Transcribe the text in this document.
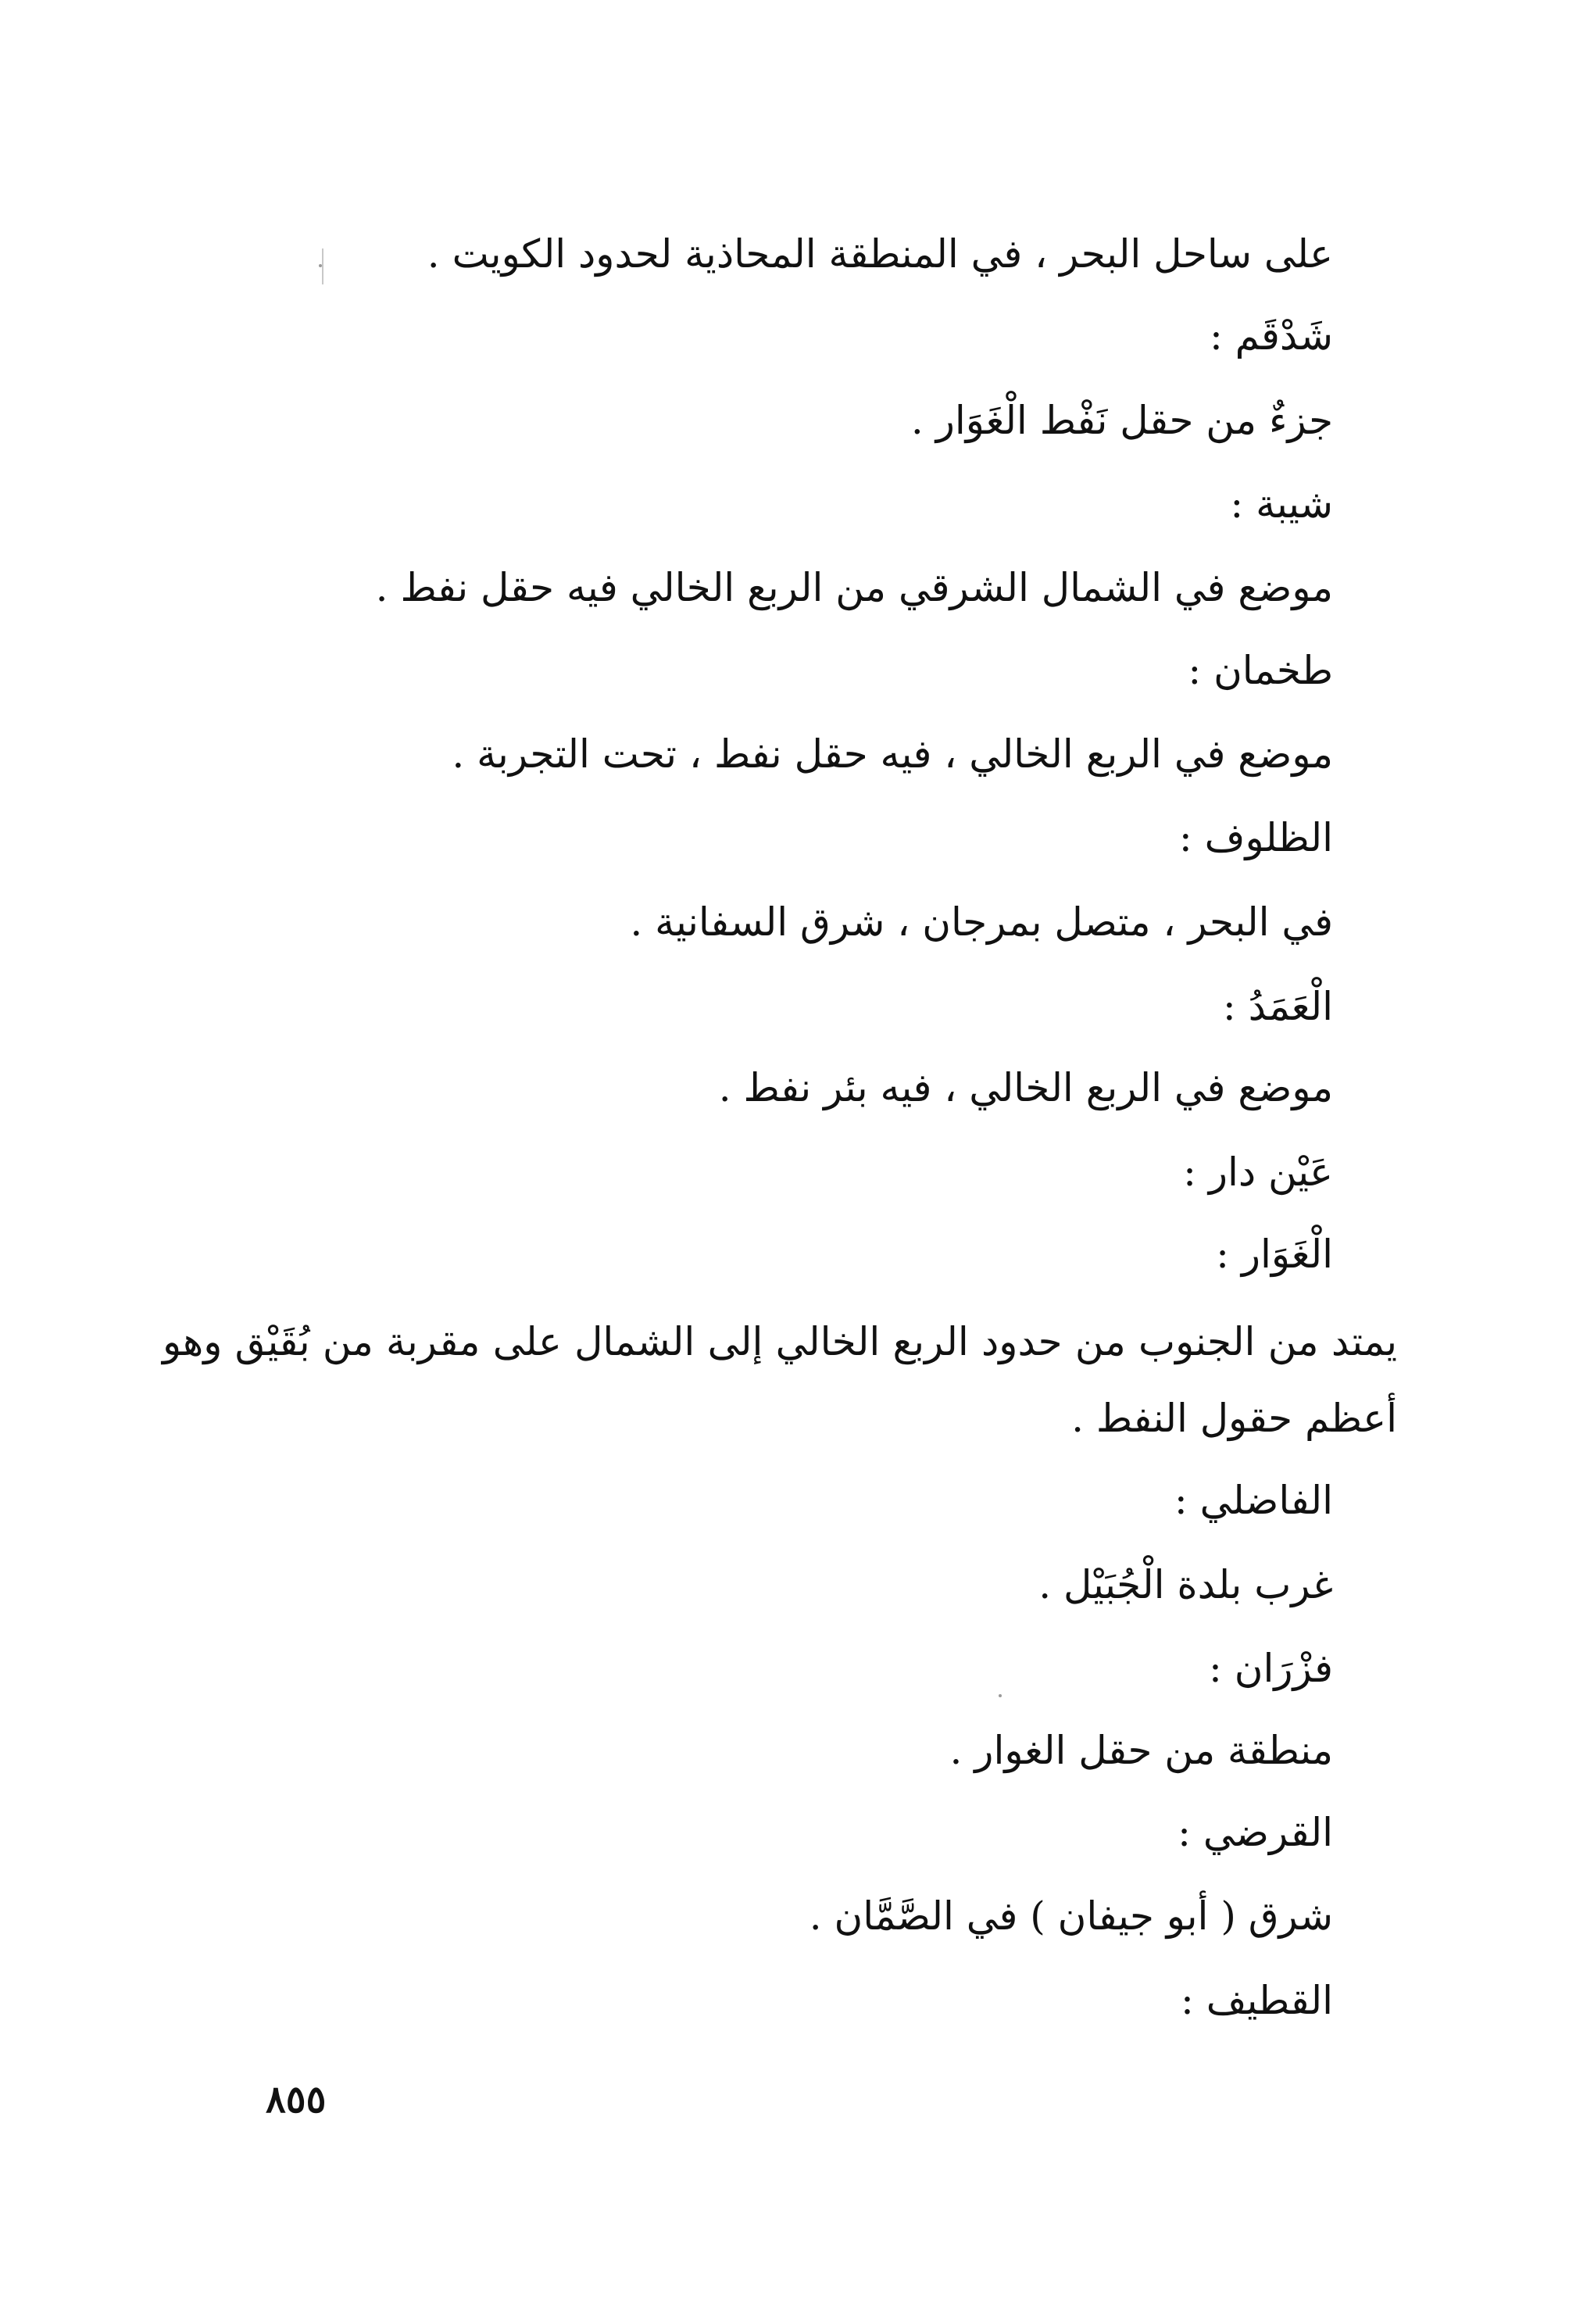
على ساحل البحر ، في المنطقة المحاذية لحدود الكويت .
شَدْقَم :
جزءٌ من حقل نَفْط الْغَوَار .
شيبة :
موضع في الشمال الشرقي من الربع الخالي فيه حقل نفط .
طخمان :
موضع في الربع الخالي ، فيه حقل نفط ، تحت التجربة .
الظلوف :
في البحر ، متصل بمرجان ، شرق السفانية .
الْعَمَدُ :
موضع في الربع الخالي ، فيه بئر نفط .
عَيْن دار :
الْغَوَار :
يمتد من الجنوب من حدود الربع الخالي إلى الشمال على مقربة من بُقَيْق وهو أعظم حقول النفط .
الفاضلي :
غرب بلدة الْجُبَيْل .
فزْرَان :
منطقة من حقل الغوار .
القرضي :
شرق ( أبو جيفان ) في الصَّمَّان .
القطيف :
٨٥٥
